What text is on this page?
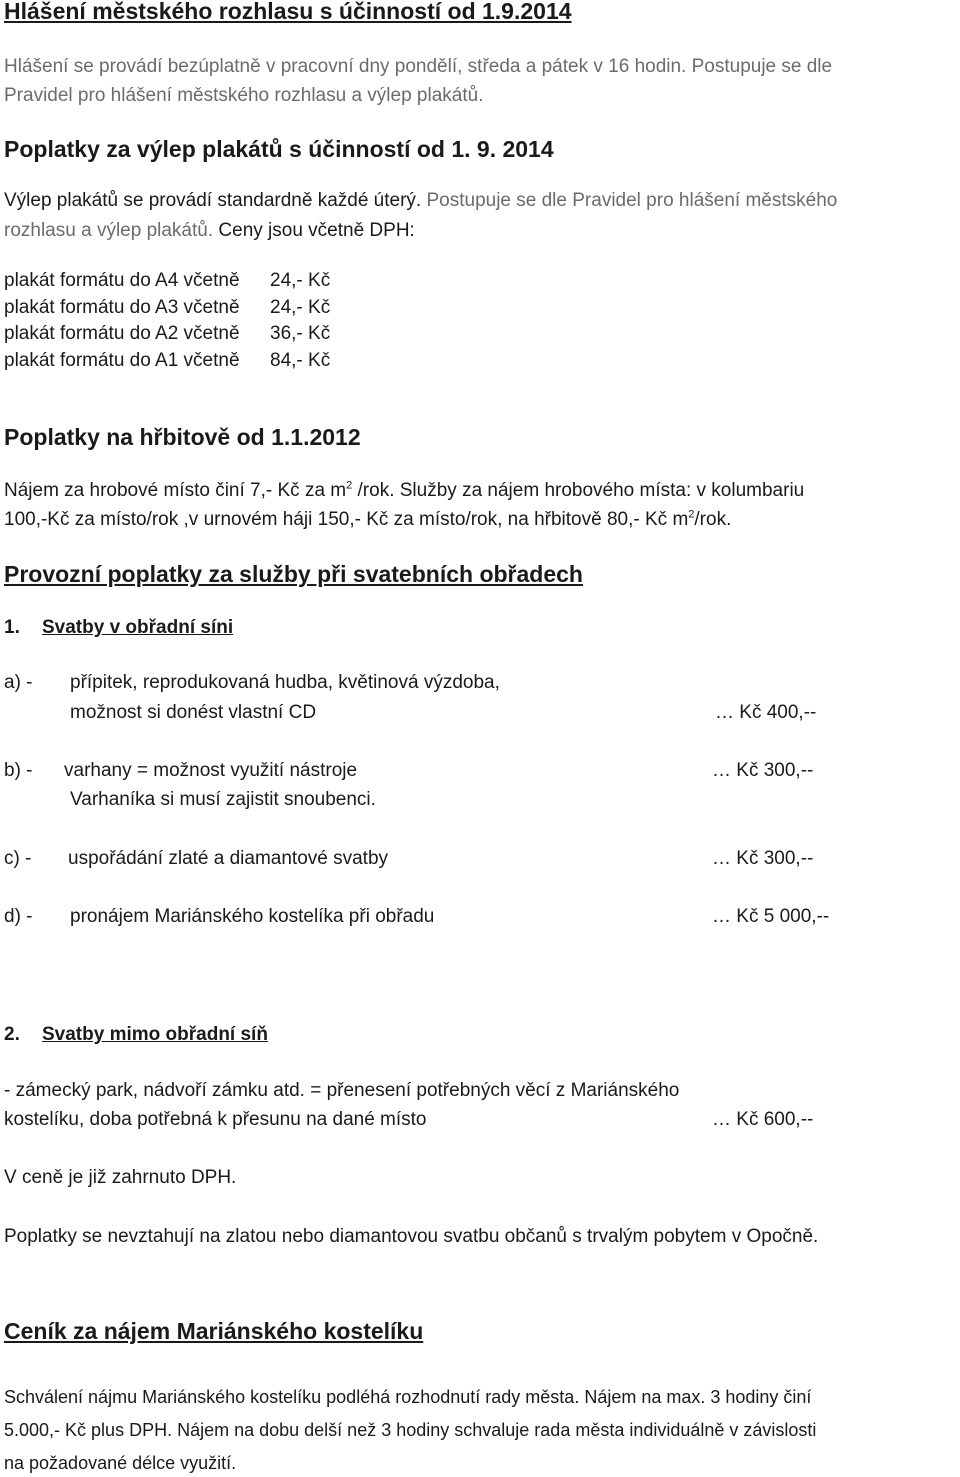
Hlášení městského rozhlasu s účinností od 1.9.2014
Hlášení se provádí bezúplatně v pracovní dny pondělí, středa a pátek v 16 hodin. Postupuje se dle
Pravidel pro hlášení městského rozhlasu a výlep plakátů.
Poplatky za výlep plakátů s účinností od 1. 9. 2014
Výlep plakátů se provádí standardně každé úterý. Postupuje se dle Pravidel pro hlášení městského
rozhlasu a výlep plakátů. Ceny jsou včetně DPH:
plakát formátu do A4 včetně	24,- Kč
plakát formátu do A3 včetně	24,- Kč
plakát formátu do A2 včetně	36,- Kč
plakát formátu do A1 včetně	84,- Kč
Poplatky na hřbitově od 1.1.2012
Nájem za hrobové místo činí 7,- Kč za $m^2$ /rok. Služby za nájem hrobového místa: v kolumbariu
100,-Kč za místo/rok ,v urnovém háji 150,- Kč za místo/rok, na hřbitově 80,- Kč $m^2$/rok.
Provozní poplatky za služby při svatebních obřadech
1. Svatby v obřadní síni
a) - přípitek, reprodukovaná hudba, květinová výzdoba,
možnost si donést vlastní CD	… Kč 400,--
b) - varhany = možnost využití nástroje	… Kč 300,--
Varhaníka si musí zajistit snoubenci.
c) - uspořádání zlaté a diamantové svatby	… Kč 300,--
d) - pronájem Mariánského kostelíka při obřadu	… Kč 5 000,--
2. Svatby mimo obřadní síň
- zámecký park, nádvoří zámku atd. = přenesení potřebných věcí z Mariánského
kostelíku, doba potřebná k přesunu na dané místo	… Kč 600,--
V ceně je již zahrnuto DPH.
Poplatky se nevztahují na zlatou nebo diamantovou svatbu občanů s trvalým pobytem v Opočně.
Ceník za nájem Mariánského kostelíku
Schválení nájmu Mariánského kostelíku podléhá rozhodnutí rady města. Nájem na max. 3 hodiny činí
5.000,- Kč plus DPH. Nájem na dobu delší než 3 hodiny schvaluje rada města individuálně v závislosti
na požadované délce využití.
